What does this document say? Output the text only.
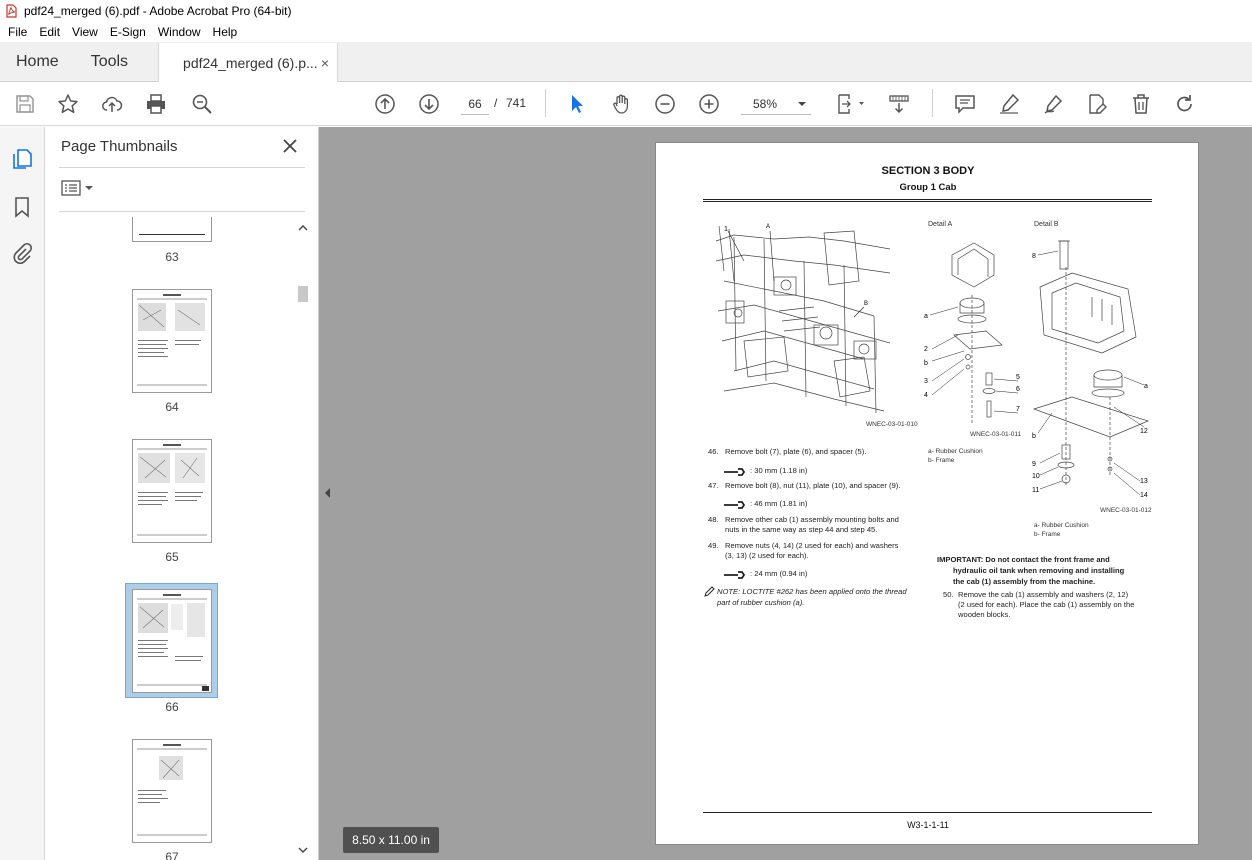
pdf24_merged (6).pdf - Adobe Acrobat Pro (64-bit)
File	Edit	View	E-Sign	Window	Help
Home	Tools	pdf24_merged (6).p... ×
66
/ 741	58%
Page Thumbnails
63
64
65
66
67
SECTION 3 BODY
Group 1 Cab
1	A
B
WNEC-03-01-010
Detail A
a
2
b
3
4
5
6
7
WNEC-03-01-011
a- Rubber Cushion
b- Frame
Detail B
8
a
12
b
9
10
11
13
14
WNEC-03-01-012
a- Rubber Cushion
b- Frame
46. Remove bolt (7), plate (6), and spacer (5).
: 30 mm (1.18 in)
47. Remove bolt (8), nut (11), plate (10), and spacer (9).
: 46 mm (1.81 in)
48. Remove other cab (1) assembly mounting bolts and
nuts in the same way as step 44 and step 45.
49. Remove nuts (4, 14) (2 used for each) and washers
(3, 13) (2 used for each).
: 24 mm (0.94 in)
NOTE: LOCTITE #262 has been applied onto the thread
part of rubber cushion (a).
IMPORTANT: Do not contact the front frame and
hydraulic oil tank when removing and installing
the cab (1) assembly from the machine.
50. Remove the cab (1) assembly and washers (2, 12)
(2 used for each). Place the cab (1) assembly on the
wooden blocks.
W3-1-1-11
8.50 x 11.00 in
